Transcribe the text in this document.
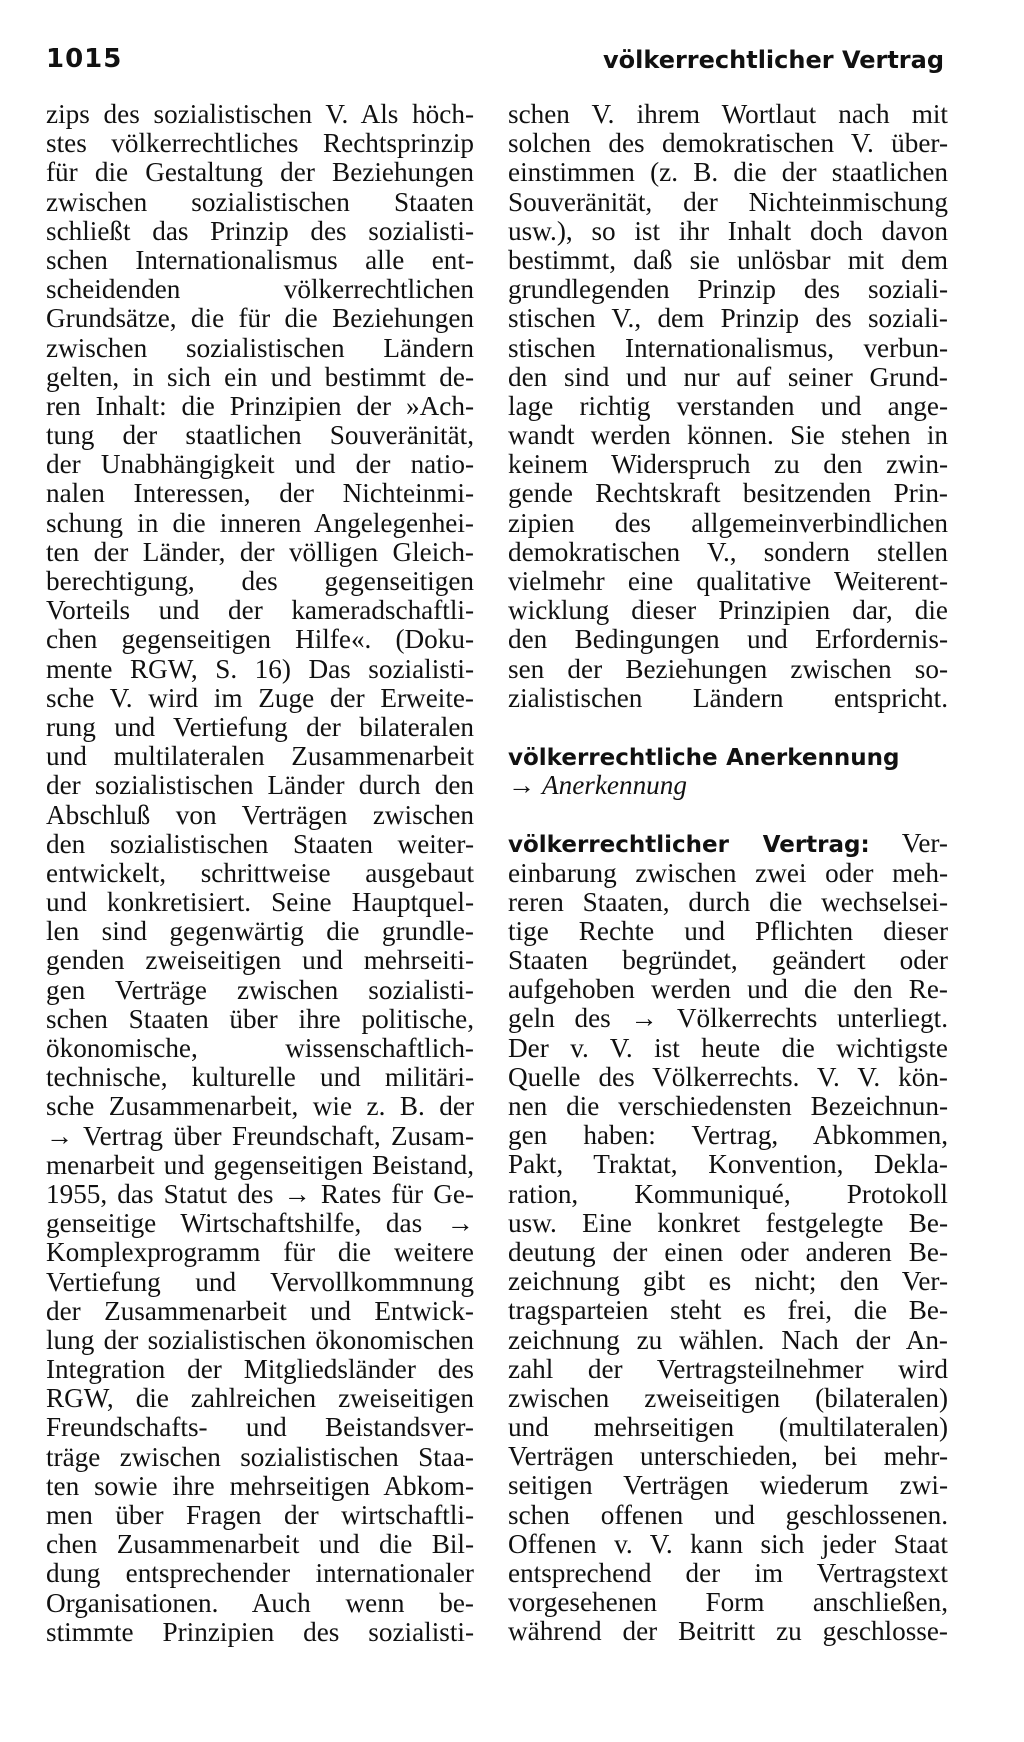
1015	völkerrechtlicher Vertrag
zips des sozialistischen V. Als höch-
stes völkerrechtliches Rechtsprinzip
für die Gestaltung der Beziehungen
zwischen sozialistischen Staaten
schließt das Prinzip des sozialisti-
schen Internationalismus alle ent-
scheidenden völkerrechtlichen
Grundsätze, die für die Beziehungen
zwischen sozialistischen Ländern
gelten, in sich ein und bestimmt de-
ren Inhalt: die Prinzipien der »Ach-
tung der staatlichen Souveränität,
der Unabhängigkeit und der natio-
nalen Interessen, der Nichteinmi-
schung in die inneren Angelegenhei-
ten der Länder, der völligen Gleich-
berechtigung, des gegenseitigen
Vorteils und der kameradschaftli-
chen gegenseitigen Hilfe«. (Doku-
mente RGW, S. 16) Das sozialisti-
sche V. wird im Zuge der Erweite-
rung und Vertiefung der bilateralen
und multilateralen Zusammenarbeit
der sozialistischen Länder durch den
Abschluß von Verträgen zwischen
den sozialistischen Staaten weiter-
entwickelt, schrittweise ausgebaut
und konkretisiert. Seine Hauptquel-
len sind gegenwärtig die grundle-
genden zweiseitigen und mehrseiti-
gen Verträge zwischen sozialisti-
schen Staaten über ihre politische,
ökonomische, wissenschaftlich-
technische, kulturelle und militäri-
sche Zusammenarbeit, wie z. B. der
→ Vertrag über Freundschaft, Zusam-
menarbeit und gegenseitigen Beistand,
1955, das Statut des → Rates für Ge-
genseitige Wirtschaftshilfe, das →
Komplexprogramm für die weitere
Vertiefung und Vervollkommnung
der Zusammenarbeit und Entwick-
lung der sozialistischen ökonomischen
Integration der Mitgliedsländer des
RGW, die zahlreichen zweiseitigen
Freundschafts- und Beistandsver-
träge zwischen sozialistischen Staa-
ten sowie ihre mehrseitigen Abkom-
men über Fragen der wirtschaftli-
chen Zusammenarbeit und die Bil-
dung entsprechender internationaler
Organisationen. Auch wenn be-
stimmte Prinzipien des sozialisti-
schen V. ihrem Wortlaut nach mit
solchen des demokratischen V. über-
einstimmen (z. B. die der staatlichen
Souveränität, der Nichteinmischung
usw.), so ist ihr Inhalt doch davon
bestimmt, daß sie unlösbar mit dem
grundlegenden Prinzip des soziali-
stischen V., dem Prinzip des soziali-
stischen Internationalismus, verbun-
den sind und nur auf seiner Grund-
lage richtig verstanden und ange-
wandt werden können. Sie stehen in
keinem Widerspruch zu den zwin-
gende Rechtskraft besitzenden Prin-
zipien des allgemeinverbindlichen
demokratischen V., sondern stellen
vielmehr eine qualitative Weiterent-
wicklung dieser Prinzipien dar, die
den Bedingungen und Erfordernis-
sen der Beziehungen zwischen so-
zialistischen Ländern entspricht.
völkerrechtliche Anerkennung
→ Anerkennung
völkerrechtlicher Vertrag: Ver-
einbarung zwischen zwei oder meh-
reren Staaten, durch die wechselsei-
tige Rechte und Pflichten dieser
Staaten begründet, geändert oder
aufgehoben werden und die den Re-
geln des → Völkerrechts unterliegt.
Der v. V. ist heute die wichtigste
Quelle des Völkerrechts. V. V. kön-
nen die verschiedensten Bezeichnun-
gen haben: Vertrag, Abkommen,
Pakt, Traktat, Konvention, Dekla-
ration, Kommuniqué, Protokoll
usw. Eine konkret festgelegte Be-
deutung der einen oder anderen Be-
zeichnung gibt es nicht; den Ver-
tragsparteien steht es frei, die Be-
zeichnung zu wählen. Nach der An-
zahl der Vertragsteilnehmer wird
zwischen zweiseitigen (bilateralen)
und mehrseitigen (multilateralen)
Verträgen unterschieden, bei mehr-
seitigen Verträgen wiederum zwi-
schen offenen und geschlossenen.
Offenen v. V. kann sich jeder Staat
entsprechend der im Vertragstext
vorgesehenen Form anschließen,
während der Beitritt zu geschlosse-
